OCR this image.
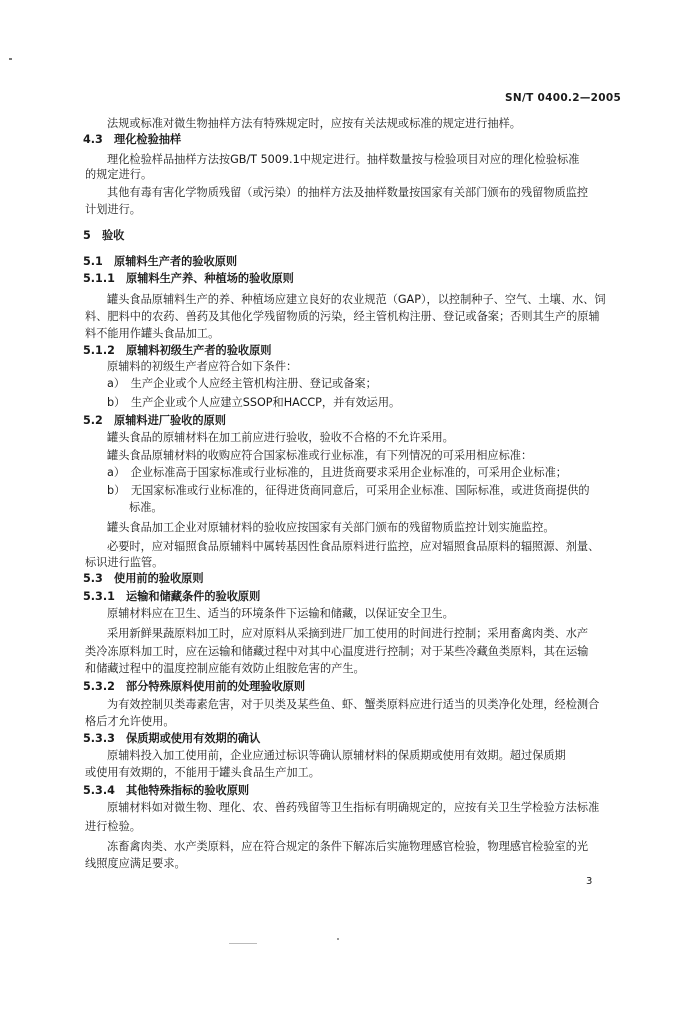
SN/T 0400.2—2005
法规或标准对微生物抽样方法有特殊规定时，应按有关法规或标准的规定进行抽样。
4.3　理化检验抽样
理化检验样品抽样方法按GB/T 5009.1中规定进行。抽样数量按与检验项目对应的理化检验标准
的规定进行。
其他有毒有害化学物质残留（或污染）的抽样方法及抽样数量按国家有关部门颁布的残留物质监控
计划进行。
5　验收
5.1　原辅料生产者的验收原则
5.1.1　原辅料生产养、种植场的验收原则
罐头食品原辅料生产的养、种植场应建立良好的农业规范（GAP），以控制种子、空气、土壤、水、饲
料、肥料中的农药、兽药及其他化学残留物质的污染，经主管机构注册、登记或备案；否则其生产的原辅
料不能用作罐头食品加工。
5.1.2　原辅料初级生产者的验收原则
原辅料的初级生产者应符合如下条件：
a）　生产企业或个人应经主管机构注册、登记或备案；
b）　生产企业或个人应建立SSOP和HACCP，并有效运用。
5.2　原辅料进厂验收的原则
罐头食品的原辅材料在加工前应进行验收，验收不合格的不允许采用。
罐头食品原辅材料的收购应符合国家标准或行业标准，有下列情况的可采用相应标准：
a）　企业标准高于国家标准或行业标准的，且进货商要求采用企业标准的，可采用企业标准；
b）　无国家标准或行业标准的，征得进货商同意后，可采用企业标准、国际标准，或进货商提供的
标准。
罐头食品加工企业对原辅材料的验收应按国家有关部门颁布的残留物质监控计划实施监控。
必要时，应对辐照食品原辅料中属转基因性食品原料进行监控，应对辐照食品原料的辐照源、剂量、
标识进行监管。
5.3　使用前的验收原则
5.3.1　运输和储藏条件的验收原则
原辅材料应在卫生、适当的环境条件下运输和储藏，以保证安全卫生。
采用新鲜果蔬原料加工时，应对原料从采摘到进厂加工使用的时间进行控制；采用畜禽肉类、水产
类冷冻原料加工时，应在运输和储藏过程中对其中心温度进行控制；对于某些冷藏鱼类原料，其在运输
和储藏过程中的温度控制应能有效防止组胺危害的产生。
5.3.2　部分特殊原料使用前的处理验收原则
为有效控制贝类毒素危害，对于贝类及某些鱼、虾、蟹类原料应进行适当的贝类净化处理，经检测合
格后才允许使用。
5.3.3　保质期或使用有效期的确认
原辅料投入加工使用前，企业应通过标识等确认原辅材料的保质期或使用有效期。超过保质期
或使用有效期的，不能用于罐头食品生产加工。
5.3.4　其他特殊指标的验收原则
原辅材料如对微生物、理化、农、兽药残留等卫生指标有明确规定的，应按有关卫生学检验方法标准
进行检验。
冻畜禽肉类、水产类原料，应在符合规定的条件下解冻后实施物理感官检验，物理感官检验室的光
线照度应满足要求。
3
